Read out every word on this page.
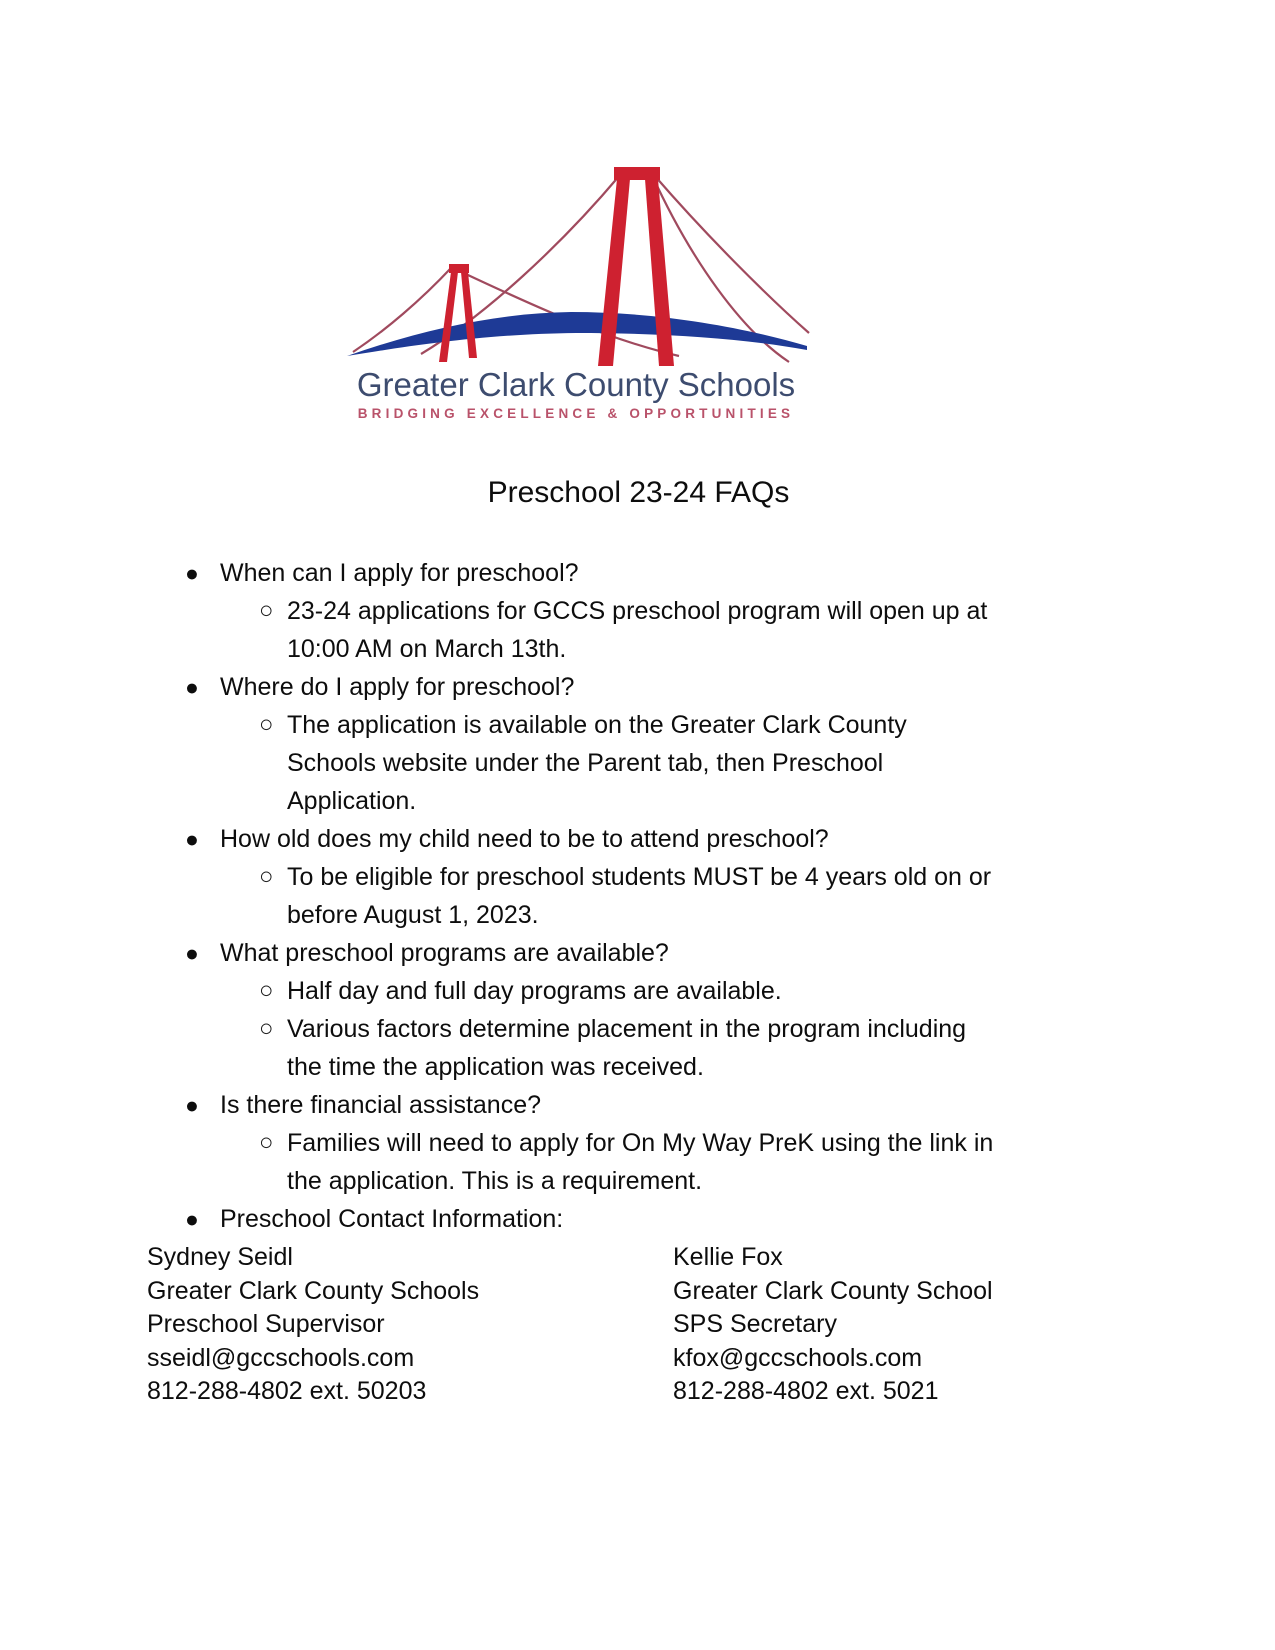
Greater Clark County Schools
BRIDGING EXCELLENCE & OPPORTUNITIES
Preschool 23-24 FAQs
● When can I apply for preschool?
○ 23-24 applications for GCCS preschool program will open up at
10:00 AM on March 13th.
● Where do I apply for preschool?
○ The application is available on the Greater Clark County
Schools website under the Parent tab, then Preschool
Application.
● How old does my child need to be to attend preschool?
○ To be eligible for preschool students MUST be 4 years old on or
before August 1, 2023.
● What preschool programs are available?
○ Half day and full day programs are available.
○ Various factors determine placement in the program including
the time the application was received.
● Is there financial assistance?
○ Families will need to apply for On My Way PreK using the link in
the application. This is a requirement.
● Preschool Contact Information:
Sydney Seidl
Greater Clark County Schools
Preschool Supervisor
sseidl@gccschools.com
812-288-4802 ext. 50203
Kellie Fox
Greater Clark County School
SPS Secretary
kfox@gccschools.com
812-288-4802 ext. 5021
